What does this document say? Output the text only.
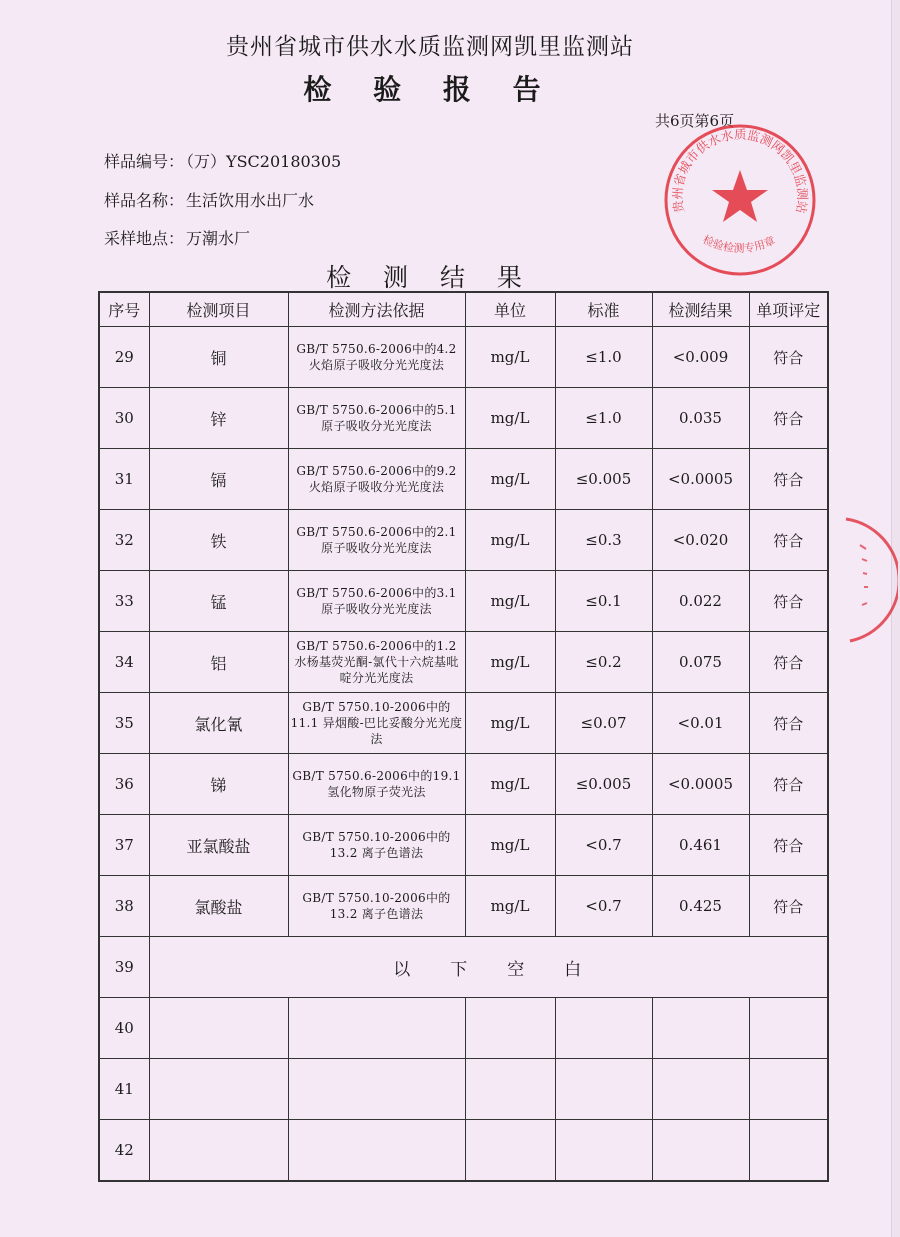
贵州省城市供水水质监测网凯里监测站
检 验 报 告
共6页第6页
样品编号： （万）YSC20180305
样品名称： 生活饮用水出厂水
采样地点： 万潮水厂
检 测 结 果
序号	检测项目	检测方法依据	单位	标准	检测结果	单项评定
29	铜	GB/T 5750.6-2006中的4.2 火焰原子吸收分光光度法	mg/L	≤1.0	<0.009	符合
30	锌	GB/T 5750.6-2006中的5.1 原子吸收分光光度法	mg/L	≤1.0	0.035	符合
31	镉	GB/T 5750.6-2006中的9.2火焰原子吸收分光光度法	mg/L	≤0.005	<0.0005	符合
32	铁	GB/T 5750.6-2006中的2.1原子吸收分光光度法	mg/L	≤0.3	<0.020	符合
33	锰	GB/T 5750.6-2006中的3.1 原子吸收分光光度法	mg/L	≤0.1	0.022	符合
34	铝	GB/T 5750.6-2006中的1.2 水杨基荧光酮-氯代十六烷基吡啶分光光度法	mg/L	≤0.2	0.075	符合
35	氯化氰	GB/T 5750.10-2006中的11.1 异烟酸-巴比妥酸分光光度法	mg/L	≤0.07	<0.01	符合
36	锑	GB/T 5750.6-2006中的19.1 氢化物原子荧光法	mg/L	≤0.005	<0.0005	符合
37	亚氯酸盐	GB/T 5750.10-2006中的13.2 离子色谱法	mg/L	<0.7	0.461	符合
38	氯酸盐	GB/T 5750.10-2006中的13.2 离子色谱法	mg/L	<0.7	0.425	符合
39	以下空白					
40						
41						
42						
贵州省城市供水水质监测网凯里监测站
检验检测专用章
